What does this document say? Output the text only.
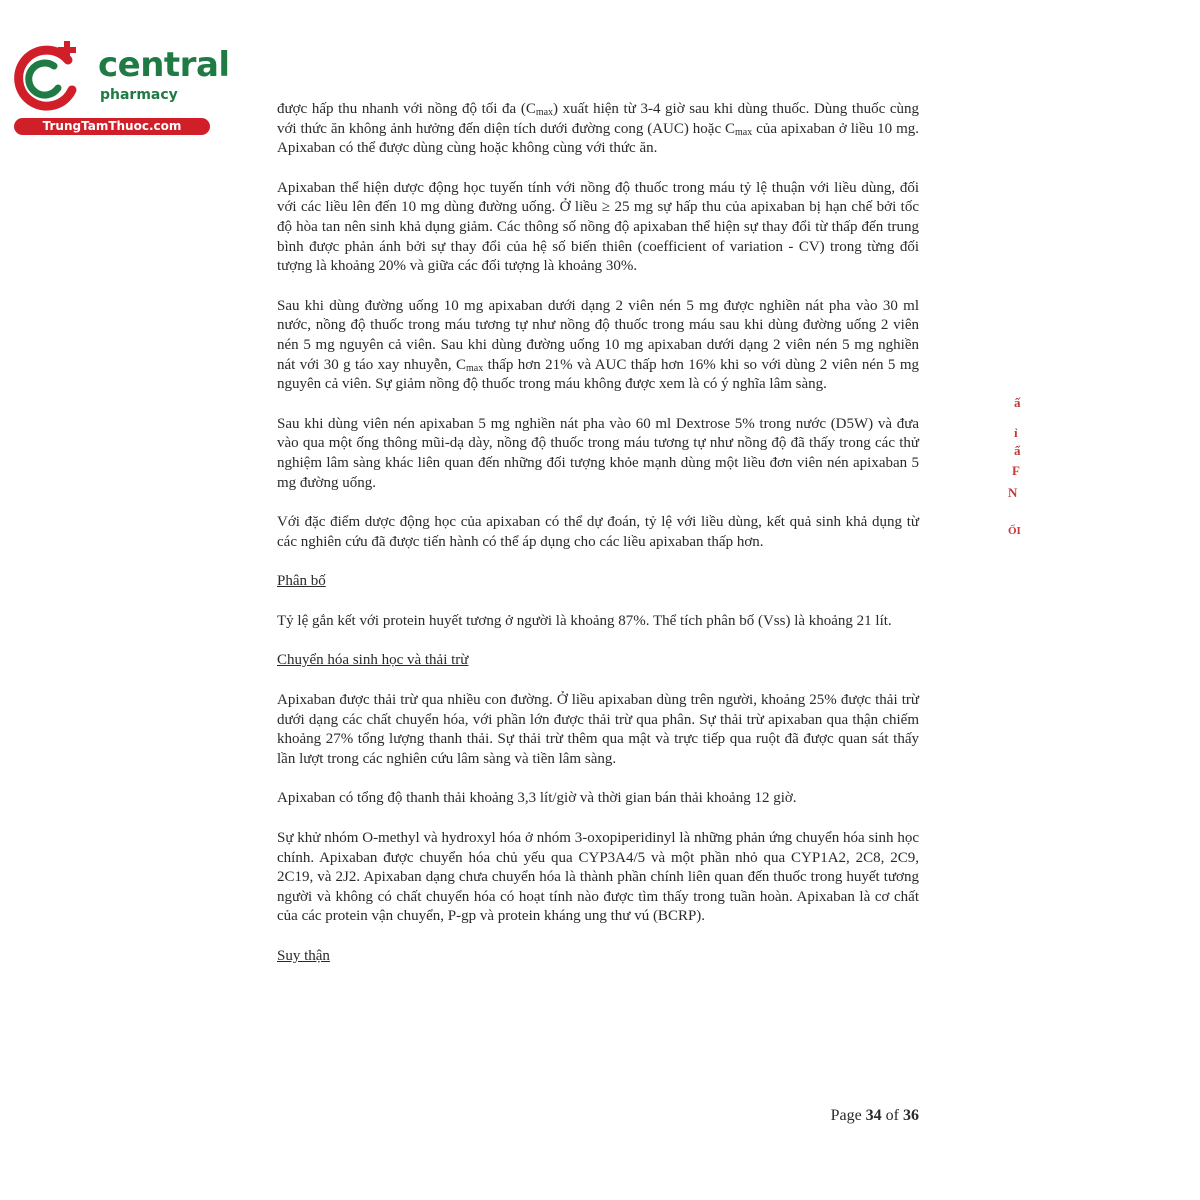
central
pharmacy
TrungTamThuoc.com

được hấp thu nhanh với nồng độ tối đa $(C_{max})$ xuất hiện từ 3-4 giờ sau khi dùng thuốc. Dùng thuốc cùng với thức ăn không ảnh hưởng đến diện tích dưới đường cong (AUC) hoặc $C_{max}$ của apixaban ở liều 10 mg. Apixaban có thể được dùng cùng hoặc không cùng với thức ăn.

Apixaban thể hiện dược động học tuyến tính với nồng độ thuốc trong máu tỷ lệ thuận với liều dùng, đối với các liều lên đến 10 mg dùng đường uống. Ở liều ≥ 25 mg sự hấp thu của apixaban bị hạn chế bởi tốc độ hòa tan nên sinh khả dụng giảm. Các thông số nồng độ apixaban thể hiện sự thay đổi từ thấp đến trung bình được phản ánh bởi sự thay đổi của hệ số biến thiên (coefficient of variation - CV) trong từng đối tượng là khoảng 20% và giữa các đối tượng là khoảng 30%.

Sau khi dùng đường uống 10 mg apixaban dưới dạng 2 viên nén 5 mg được nghiền nát pha vào 30 ml nước, nồng độ thuốc trong máu tương tự như nồng độ thuốc trong máu sau khi dùng đường uống 2 viên nén 5 mg nguyên cả viên. Sau khi dùng đường uống 10 mg apixaban dưới dạng 2 viên nén 5 mg nghiền nát với 30 g táo xay nhuyễn, $C_{max}$ thấp hơn 21% và AUC thấp hơn 16% khi so với dùng 2 viên nén 5 mg nguyên cả viên. Sự giảm nồng độ thuốc trong máu không được xem là có ý nghĩa lâm sàng.

Sau khi dùng viên nén apixaban 5 mg nghiền nát pha vào 60 ml Dextrose 5% trong nước (D5W) và đưa vào qua một ống thông mũi-dạ dày, nồng độ thuốc trong máu tương tự như nồng độ đã thấy trong các thử nghiệm lâm sàng khác liên quan đến những đối tượng khỏe mạnh dùng một liều đơn viên nén apixaban 5 mg đường uống.

Với đặc điểm dược động học của apixaban có thể dự đoán, tỷ lệ với liều dùng, kết quả sinh khả dụng từ các nghiên cứu đã được tiến hành có thể áp dụng cho các liều apixaban thấp hơn.

Phân bố

Tỷ lệ gắn kết với protein huyết tương ở người là khoảng 87%. Thể tích phân bố (Vss) là khoảng 21 lít.

Chuyển hóa sinh học và thải trừ

Apixaban được thải trừ qua nhiều con đường. Ở liều apixaban dùng trên người, khoảng 25% được thải trừ dưới dạng các chất chuyển hóa, với phần lớn được thải trừ qua phân. Sự thải trừ apixaban qua thận chiếm khoảng 27% tổng lượng thanh thải. Sự thải trừ thêm qua mật và trực tiếp qua ruột đã được quan sát thấy lần lượt trong các nghiên cứu lâm sàng và tiền lâm sàng.

Apixaban có tổng độ thanh thải khoảng 3,3 lít/giờ và thời gian bán thải khoảng 12 giờ.

Sự khử nhóm O-methyl và hydroxyl hóa ở nhóm 3-oxopiperidinyl là những phản ứng chuyển hóa sinh học chính. Apixaban được chuyển hóa chủ yếu qua CYP3A4/5 và một phần nhỏ qua CYP1A2, 2C8, 2C9, 2C19, và 2J2. Apixaban dạng chưa chuyển hóa là thành phần chính liên quan đến thuốc trong huyết tương người và không có chất chuyển hóa có hoạt tính nào được tìm thấy trong tuần hoàn. Apixaban là cơ chất của các protein vận chuyển, P-gp và protein kháng ung thư vú (BCRP).

Suy thận

ấ
ỉ
ẩ
F
N
ỐI
Page 34 of 36
